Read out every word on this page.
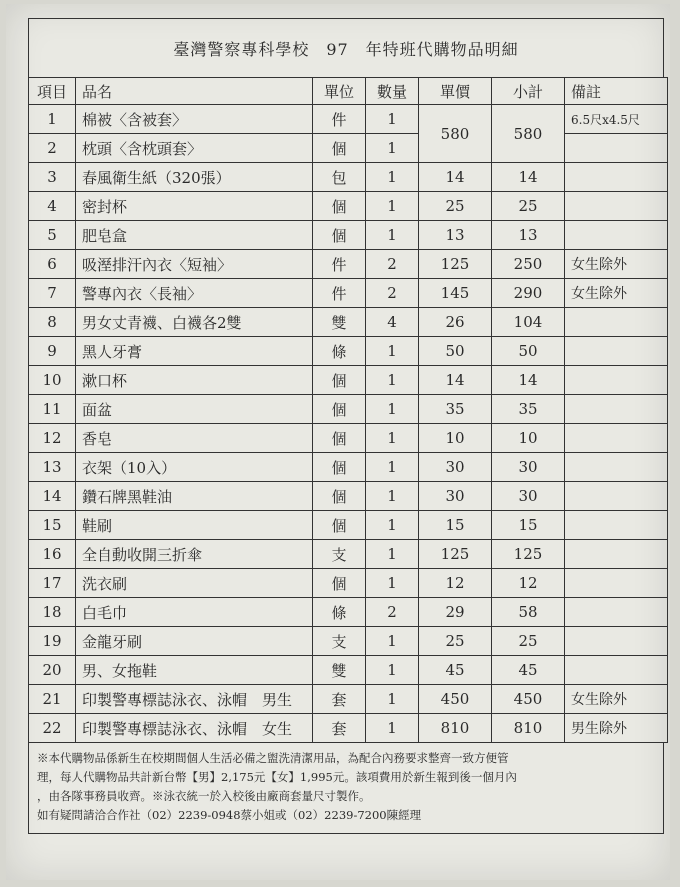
臺灣警察專科學校　97　年特班代購物品明細
項目	品名	單位	數量	單價	小計	備註
1	棉被〈含被套〉	件	1	580	580	6.5尺x4.5尺
2	枕頭〈含枕頭套〉	個	1			
3	春風衛生紙（320張）	包	1	14	14	
4	密封杯	個	1	25	25	
5	肥皂盒	個	1	13	13	
6	吸溼排汗內衣〈短袖〉	件	2	125	250	女生除外
7	警專內衣〈長袖〉	件	2	145	290	女生除外
8	男女丈青襪、白襪各2雙	雙	4	26	104	
9	黑人牙膏	條	1	50	50	
10	漱口杯	個	1	14	14	
11	面盆	個	1	35	35	
12	香皂	個	1	10	10	
13	衣架（10入）	個	1	30	30	
14	鑽石牌黑鞋油	個	1	30	30	
15	鞋刷	個	1	15	15	
16	全自動收開三折傘	支	1	125	125	
17	洗衣刷	個	1	12	12	
18	白毛巾	條	2	29	58	
19	金龍牙刷	支	1	25	25	
20	男、女拖鞋	雙	1	45	45	
21	印製警專標誌泳衣、泳帽　男生	套	1	450	450	女生除外
22	印製警專標誌泳衣、泳帽　女生	套	1	810	810	男生除外
※本代購物品係新生在校期間個人生活必備之盥洗清潔用品，為配合內務要求整齊一致方便管
理，每人代購物品共計新台幣【男】2,175元【女】1,995元。該項費用於新生報到後一個月內
，由各隊事務員收齊。※泳衣統一於入校後由廠商套量尺寸製作。
如有疑問請洽合作社（02）2239-0948蔡小姐或（02）2239-7200陳經理
